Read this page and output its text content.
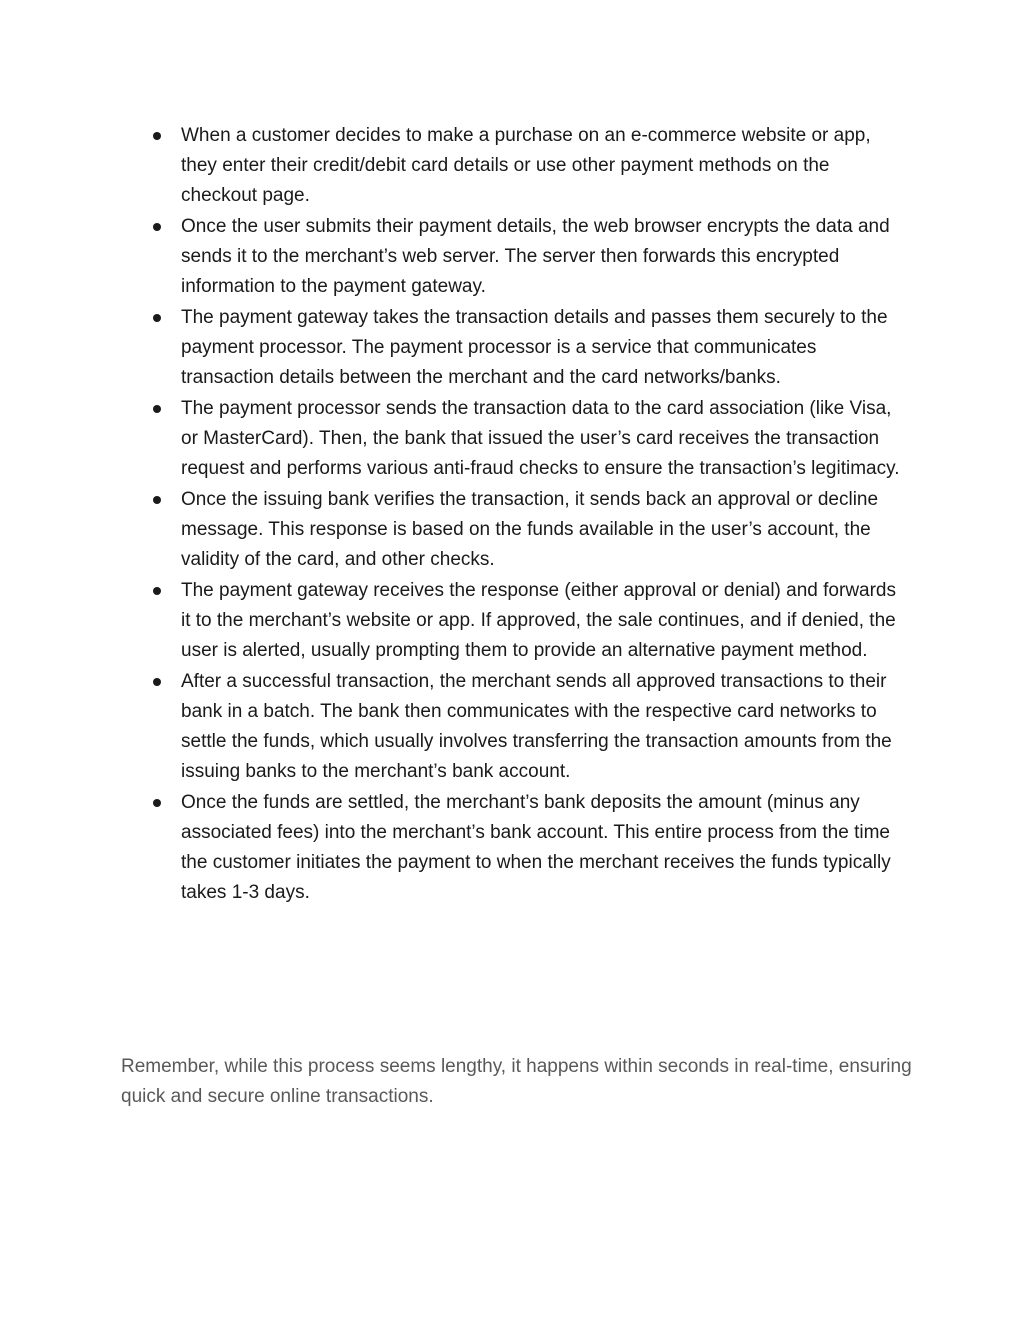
When a customer decides to make a purchase on an e-commerce website or app, they enter their credit/debit card details or use other payment methods on the checkout page.
Once the user submits their payment details, the web browser encrypts the data and sends it to the merchant’s web server. The server then forwards this encrypted information to the payment gateway.
The payment gateway takes the transaction details and passes them securely to the payment processor. The payment processor is a service that communicates transaction details between the merchant and the card networks/banks.
The payment processor sends the transaction data to the card association (like Visa, or MasterCard). Then, the bank that issued the user’s card receives the transaction request and performs various anti-fraud checks to ensure the transaction’s legitimacy.
Once the issuing bank verifies the transaction, it sends back an approval or decline message. This response is based on the funds available in the user’s account, the validity of the card, and other checks.
The payment gateway receives the response (either approval or denial) and forwards it to the merchant’s website or app. If approved, the sale continues, and if denied, the user is alerted, usually prompting them to provide an alternative payment method.
After a successful transaction, the merchant sends all approved transactions to their bank in a batch. The bank then communicates with the respective card networks to settle the funds, which usually involves transferring the transaction amounts from the issuing banks to the merchant’s bank account.
Once the funds are settled, the merchant’s bank deposits the amount (minus any associated fees) into the merchant’s bank account. This entire process from the time the customer initiates the payment to when the merchant receives the funds typically takes 1-3 days.

Remember, while this process seems lengthy, it happens within seconds in real-time, ensuring quick and secure online transactions.
